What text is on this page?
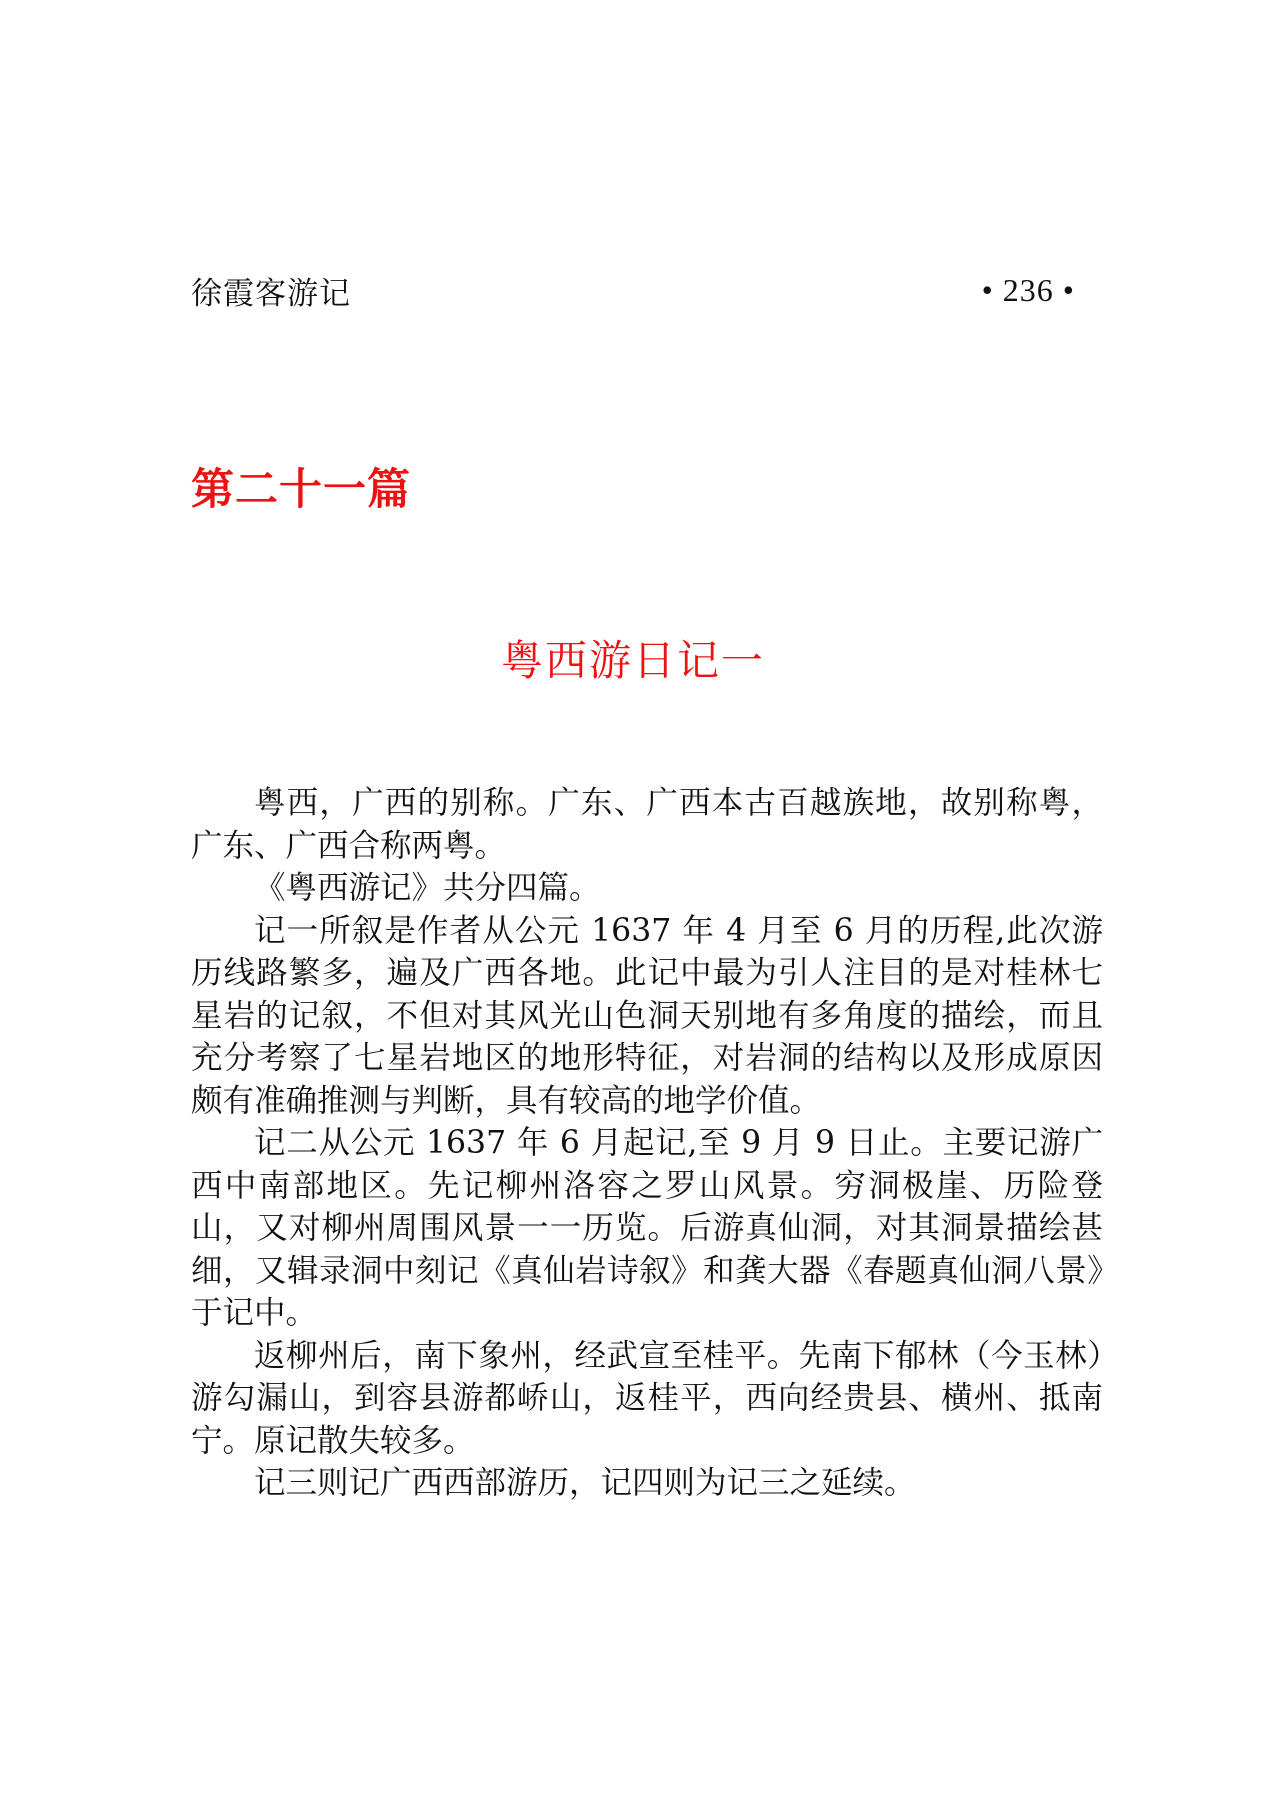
徐霞客游记	• 236 •
第二十一篇
粤西游日记一

粤西，广西的别称。广东、广西本古百越族地，故别称粤，广东、广西合称两粤。

《粤西游记》共分四篇。

记一所叙是作者从公元 1637 年 4 月至 6 月的历程,此次游历线路繁多，遍及广西各地。此记中最为引人注目的是对桂林七星岩的记叙，不但对其风光山色洞天别地有多角度的描绘，而且充分考察了七星岩地区的地形特征，对岩洞的结构以及形成原因颇有准确推测与判断，具有较高的地学价值。

记二从公元 1637 年 6 月起记,至 9 月 9 日止。主要记游广西中南部地区。先记柳州洛容之罗山风景。穷洞极崖、历险登山，又对柳州周围风景一一历览。后游真仙洞，对其洞景描绘甚细，又辑录洞中刻记《真仙岩诗叙》和龚大器《春题真仙洞八景》于记中。

返柳州后，南下象州，经武宣至桂平。先南下郁林（今玉林）游勾漏山，到容县游都峤山，返桂平，西向经贵县、横州、抵南宁。原记散失较多。

记三则记广西西部游历，记四则为记三之延续。
